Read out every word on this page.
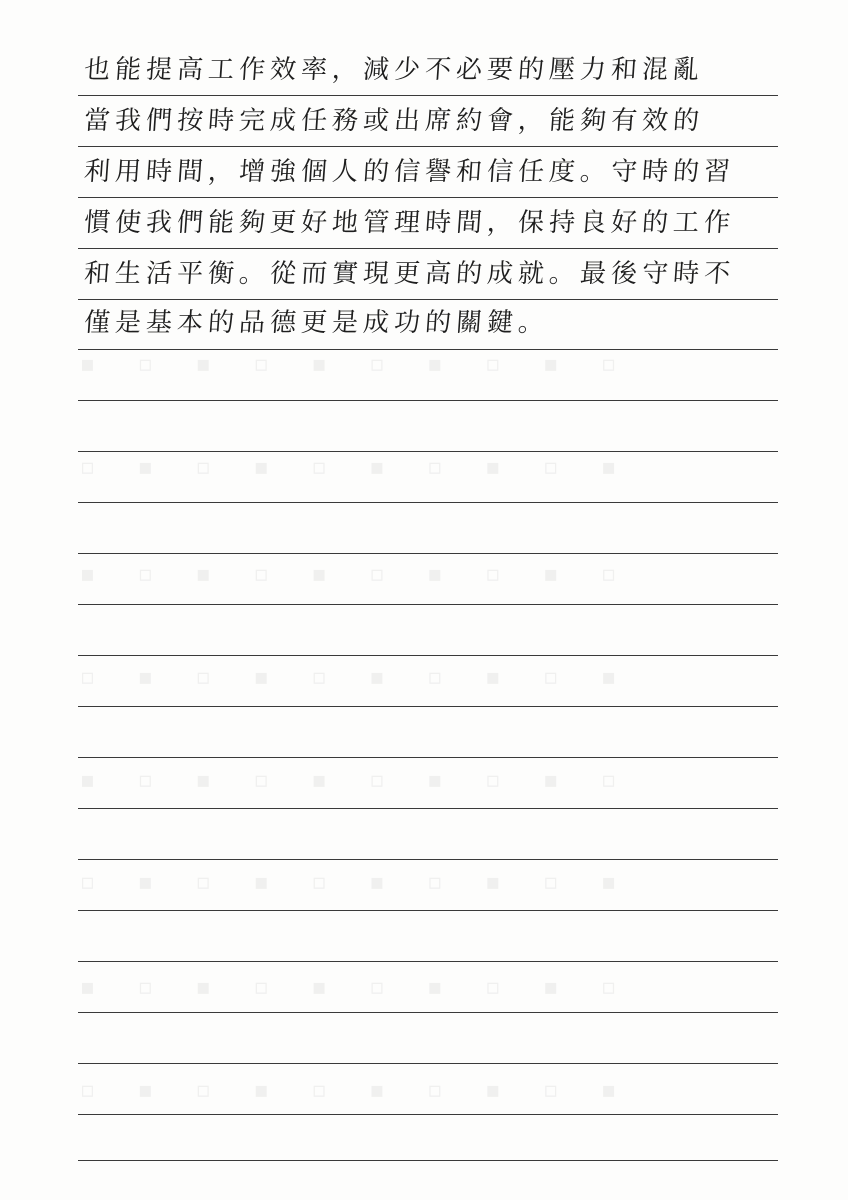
也能提高工作效率，減少不必要的壓力和混亂
當我們按時完成任務或出席約會，能夠有效的
利用時間，增強個人的信譽和信任度。守時的習
慣使我們能夠更好地管理時間，保持良好的工作
和生活平衡。從而實現更高的成就。最後守時不
僅是基本的品德更是成功的關鍵。
▪ ▫ ▪ ▫ ▪ ▫ ▪ ▫ ▪ ▫
▫ ▪ ▫ ▪ ▫ ▪ ▫ ▪ ▫ ▪
▪ ▫ ▪ ▫ ▪ ▫ ▪ ▫ ▪ ▫
▫ ▪ ▫ ▪ ▫ ▪ ▫ ▪ ▫ ▪
▪ ▫ ▪ ▫ ▪ ▫ ▪ ▫ ▪ ▫
▫ ▪ ▫ ▪ ▫ ▪ ▫ ▪ ▫ ▪
▪ ▫ ▪ ▫ ▪ ▫ ▪ ▫ ▪ ▫
▫ ▪ ▫ ▪ ▫ ▪ ▫ ▪ ▫ ▪
